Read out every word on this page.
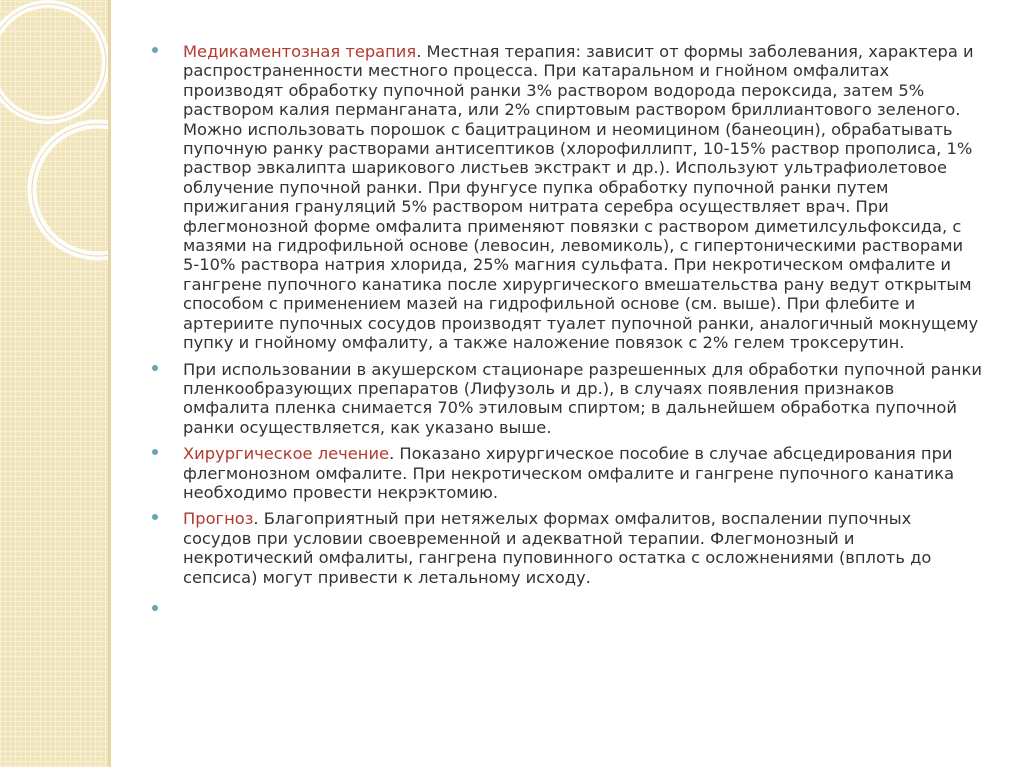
Медикаментозная терапия. Местная терапия: зависит от формы заболевания, характера и распространенности местного процесса. При катаральном и гнойном омфалитах производят обработку пупочной ранки 3% раствором водорода пероксида, затем 5% раствором калия перманганата, или 2% спиртовым раствором бриллиантового зеленого. Можно использовать порошок с бацитрацином и неомицином (банеоцин), обрабатывать пупочную ранку растворами антисептиков (хлорофиллипт, 10-15% раствор прополиса, 1% раствор эвкалипта шарикового листьев экстракт и др.). Используют ультрафиолетовое облучение пупочной ранки. При фунгусе пупка обработку пупочной ранки путем прижигания грануляций 5% раствором нитрата серебра осуществляет врач. При флегмонозной форме омфалита применяют повязки с раствором диметилсульфоксида, с мазями на гидрофильной основе (левосин, левомиколь), с гипертоническими растворами 5-10% раствора натрия хлорида, 25% магния сульфата. При некротическом омфалите и гангрене пупочного канатика после хирургического вмешательства рану ведут открытым способом с применением мазей на гидрофильной основе (см. выше). При флебите и артериите пупочных сосудов производят туалет пупочной ранки, аналогичный мокнущему пупку и гнойному омфалиту, а также наложение повязок с 2% гелем троксерутин.

При использовании в акушерском стационаре разрешенных для обработки пупочной ранки пленкообразующих препаратов (Лифузоль и др.), в случаях появления признаков омфалита пленка снимается 70% этиловым спиртом; в дальнейшем обработка пупочной ранки осуществляется, как указано выше.

Хирургическое лечение. Показано хирургическое пособие в случае абсцедирования при флегмонозном омфалите. При некротическом омфалите и гангрене пупочного канатика необходимо провести некрэктомию.

Прогноз. Благоприятный при нетяжелых формах омфалитов, воспалении пупочных сосудов при условии своевременной и адекватной терапии. Флегмонозный и некротический омфалиты, гангрена пуповинного остатка с осложнениями (вплоть до сепсиса) могут привести к летальному исходу.
